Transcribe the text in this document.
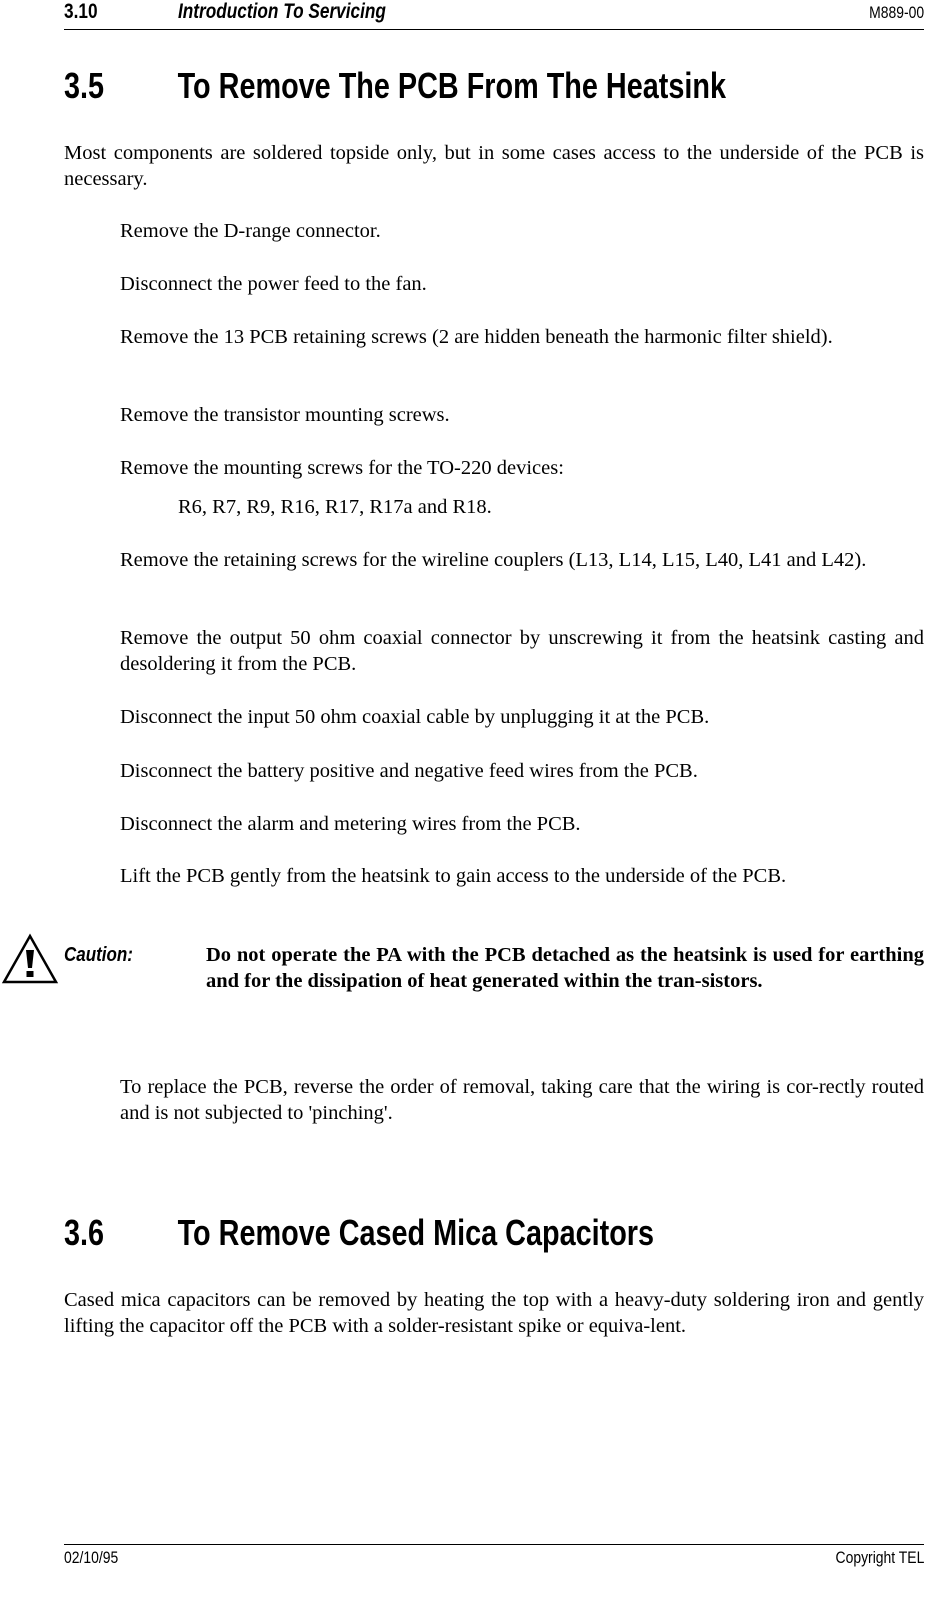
3.10	Introduction To Servicing	M889-00
3.5 To Remove The PCB From The Heatsink
Most components are soldered topside only, but in some cases access to the underside of the PCB is necessary.
Remove the D-range connector.
Disconnect the power feed to the fan.
Remove the 13 PCB retaining screws (2 are hidden beneath the harmonic filter shield).
Remove the transistor mounting screws.
Remove the mounting screws for the TO-220 devices:
R6, R7, R9, R16, R17, R17a and R18.
Remove the retaining screws for the wireline couplers (L13, L14, L15, L40, L41 and L42).
Remove the output 50 ohm coaxial connector by unscrewing it from the heatsink casting and desoldering it from the PCB.
Disconnect the input 50 ohm coaxial cable by unplugging it at the PCB.
Disconnect the battery positive and negative feed wires from the PCB.
Disconnect the alarm and metering wires from the PCB.
Lift the PCB gently from the heatsink to gain access to the underside of the PCB.
Caution:	Do not operate the PA with the PCB detached as the heatsink is used for earthing and for the dissipation of heat generated within the tran-sistors.
To replace the PCB, reverse the order of removal, taking care that the wiring is cor-rectly routed and is not subjected to 'pinching'.
3.6 To Remove Cased Mica Capacitors
Cased mica capacitors can be removed by heating the top with a heavy-duty soldering iron and gently lifting the capacitor off the PCB with a solder-resistant spike or equiva-lent.
02/10/95	Copyright TEL
